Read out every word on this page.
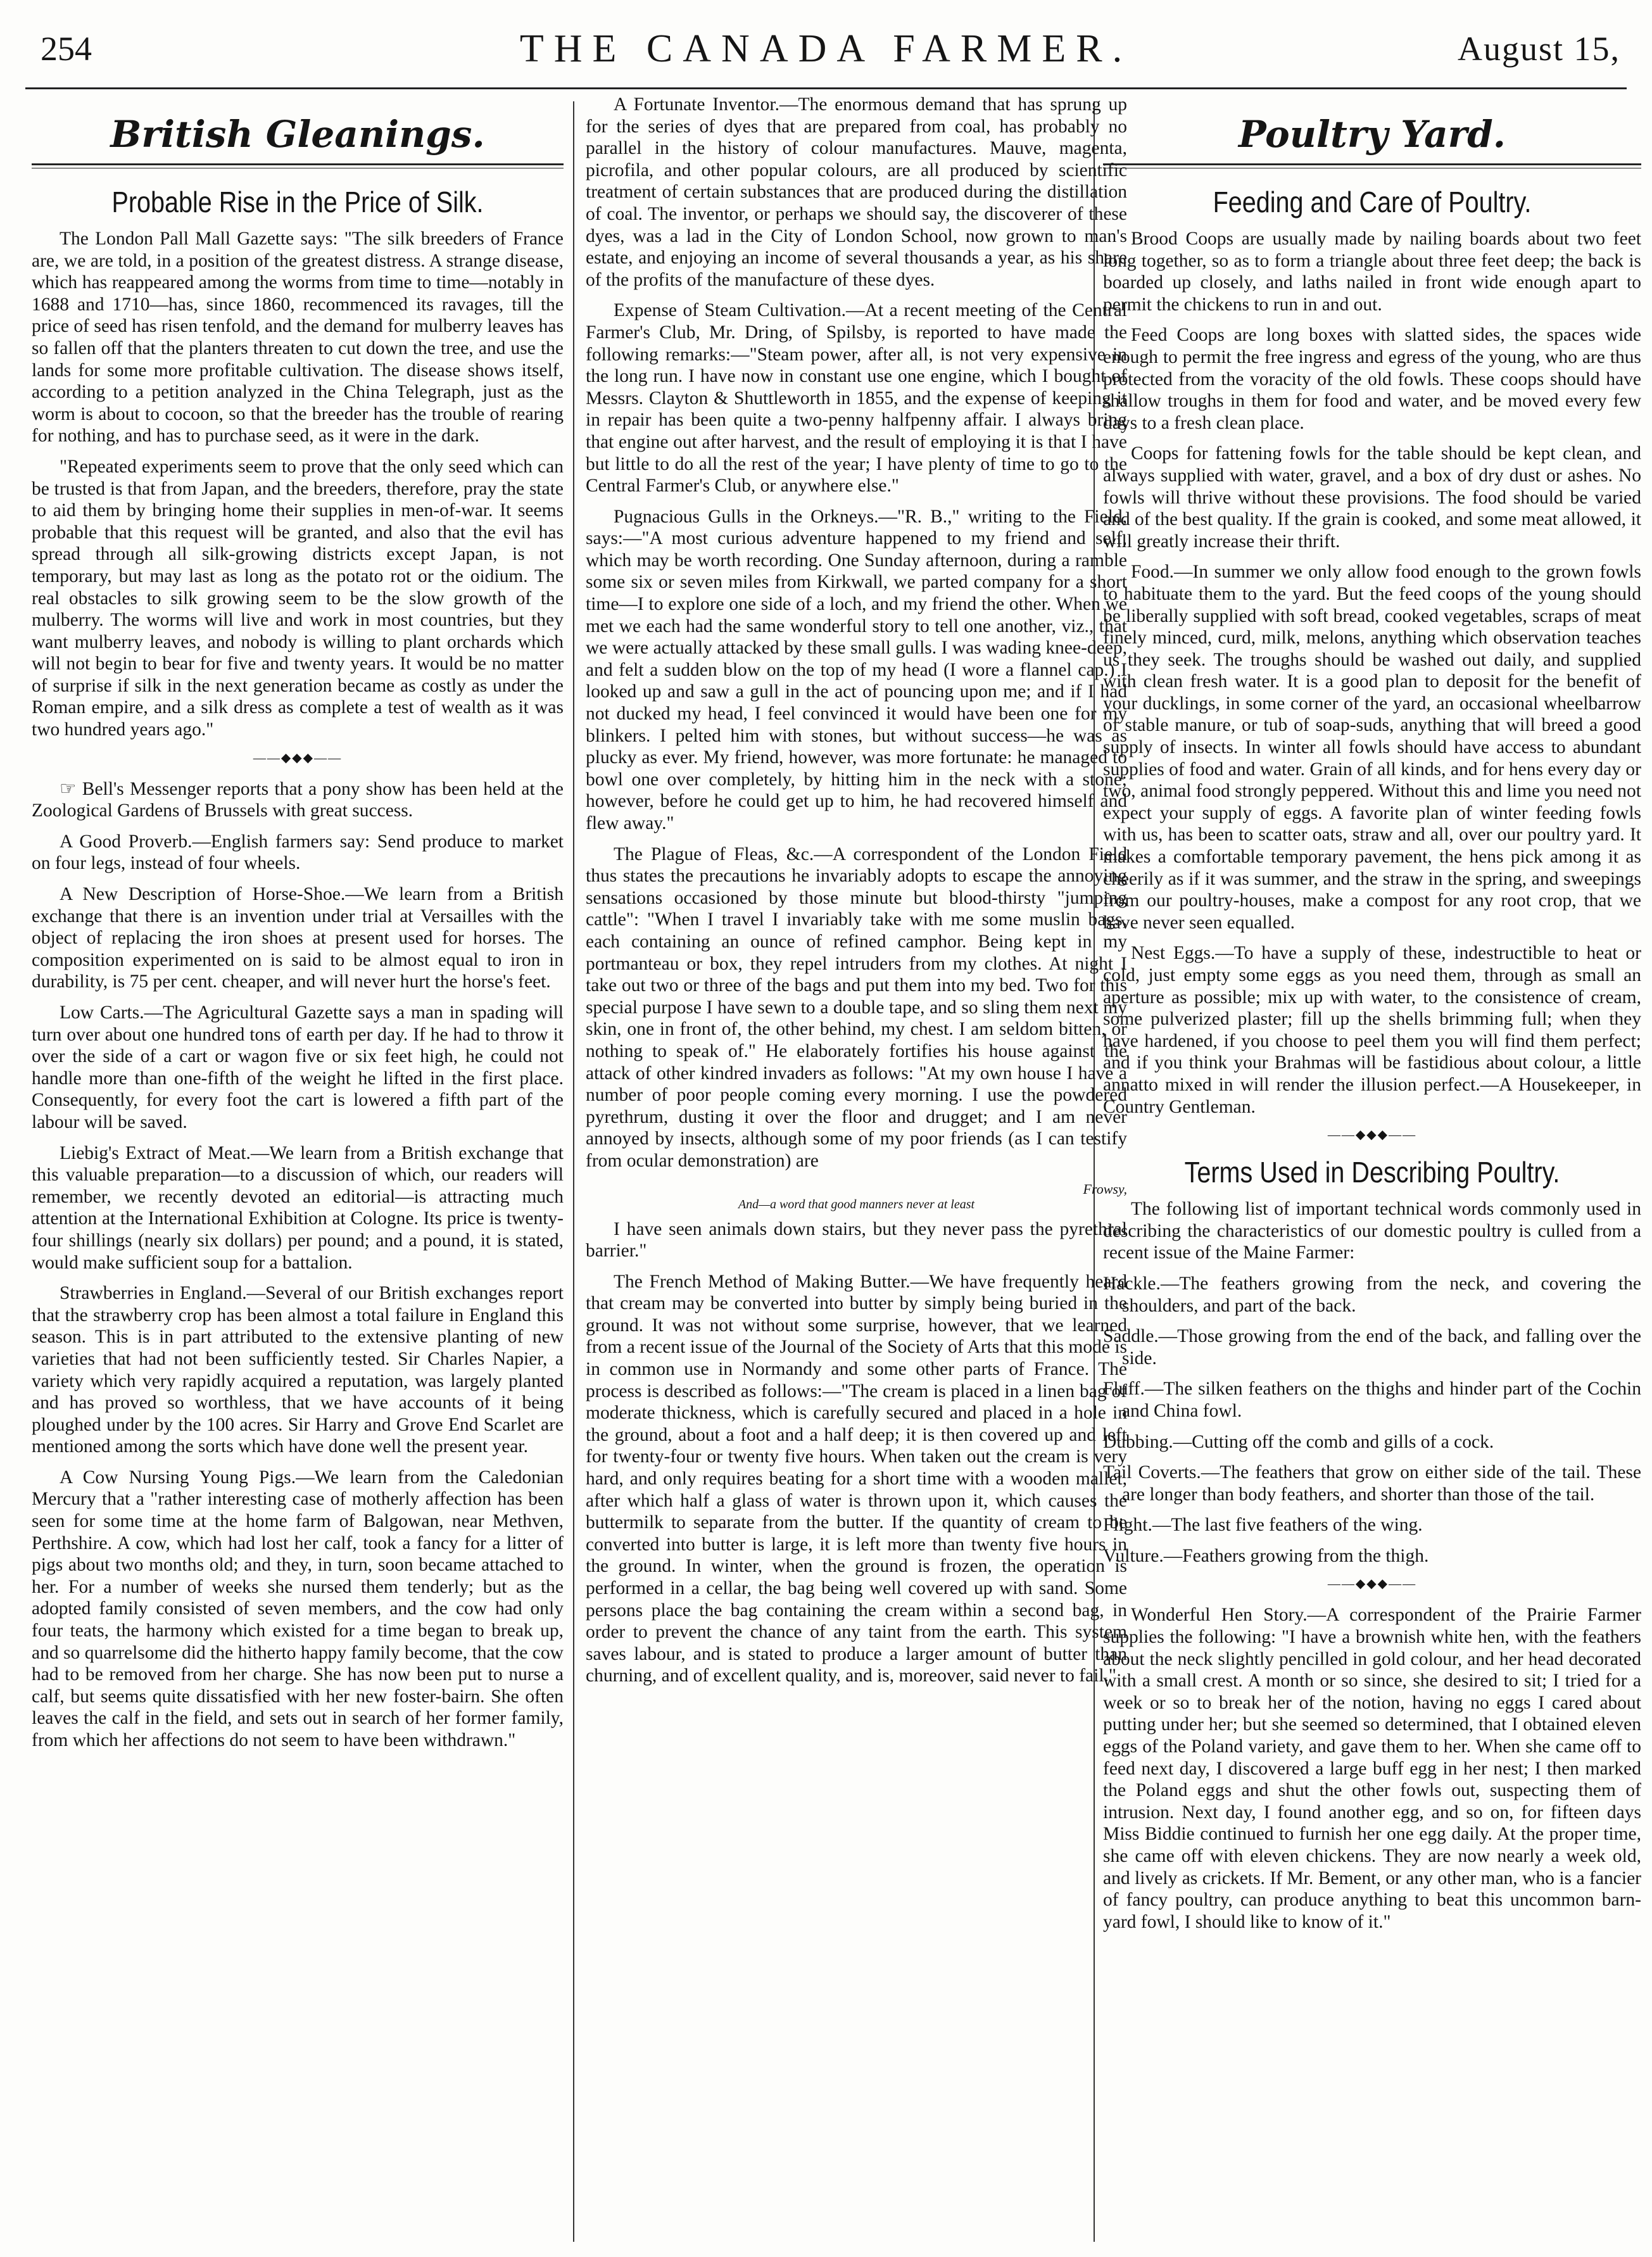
254	THE CANADA FARMER.	August 15,
British Gleanings.
Probable Rise in the Price of Silk.

The London Pall Mall Gazette says: "The silk breeders of France are, we are told, in a position of the greatest distress. A strange disease, which has reappeared among the worms from time to time—notably in 1688 and 1710—has, since 1860, recommenced its ravages, till the price of seed has risen tenfold, and the demand for mulberry leaves has so fallen off that the planters threaten to cut down the tree, and use the lands for some more profitable cultivation. The disease shows itself, according to a petition analyzed in the China Telegraph, just as the worm is about to cocoon, so that the breeder has the trouble of rearing for nothing, and has to purchase seed, as it were in the dark.

"Repeated experiments seem to prove that the only seed which can be trusted is that from Japan, and the breeders, therefore, pray the state to aid them by bringing home their supplies in men-of-war. It seems probable that this request will be granted, and also that the evil has spread through all silk-growing districts except Japan, is not temporary, but may last as long as the potato rot or the oidium. The real obstacles to silk growing seem to be the slow growth of the mulberry. The worms will live and work in most countries, but they want mulberry leaves, and nobody is willing to plant orchards which will not begin to bear for five and twenty years. It would be no matter of surprise if silk in the next generation became as costly as under the Roman empire, and a silk dress as complete a test of wealth as it was two hundred years ago."

——◆◆◆——

☞ Bell's Messenger reports that a pony show has been held at the Zoological Gardens of Brussels with great success.

A Good Proverb.—English farmers say: Send produce to market on four legs, instead of four wheels.

A New Description of Horse-Shoe.—We learn from a British exchange that there is an invention under trial at Versailles with the object of replacing the iron shoes at present used for horses. The composition experimented on is said to be almost equal to iron in durability, is 75 per cent. cheaper, and will never hurt the horse's feet.

Low Carts.—The Agricultural Gazette says a man in spading will turn over about one hundred tons of earth per day. If he had to throw it over the side of a cart or wagon five or six feet high, he could not handle more than one-fifth of the weight he lifted in the first place. Consequently, for every foot the cart is lowered a fifth part of the labour will be saved.

Liebig's Extract of Meat.—We learn from a British exchange that this valuable preparation—to a discussion of which, our readers will remember, we recently devoted an editorial—is attracting much attention at the International Exhibition at Cologne. Its price is twenty-four shillings (nearly six dollars) per pound; and a pound, it is stated, would make sufficient soup for a battalion.

Strawberries in England.—Several of our British exchanges report that the strawberry crop has been almost a total failure in England this season. This is in part attributed to the extensive planting of new varieties that had not been sufficiently tested. Sir Charles Napier, a variety which very rapidly acquired a reputation, was largely planted and has proved so worthless, that we have accounts of it being ploughed under by the 100 acres. Sir Harry and Grove End Scarlet are mentioned among the sorts which have done well the present year.

A Cow Nursing Young Pigs.—We learn from the Caledonian Mercury that a "rather interesting case of motherly affection has been seen for some time at the home farm of Balgowan, near Methven, Perthshire. A cow, which had lost her calf, took a fancy for a litter of pigs about two months old; and they, in turn, soon became attached to her. For a number of weeks she nursed them tenderly; but as the adopted family consisted of seven members, and the cow had only four teats, the harmony which existed for a time began to break up, and so quarrelsome did the hitherto happy family become, that the cow had to be removed from her charge. She has now been put to nurse a calf, but seems quite dissatisfied with her new foster-bairn. She often leaves the calf in the field, and sets out in search of her former family, from which her affections do not seem to have been withdrawn."

A Fortunate Inventor.—The enormous demand that has sprung up for the series of dyes that are prepared from coal, has probably no parallel in the history of colour manufactures. Mauve, magenta, picrofila, and other popular colours, are all produced by scientific treatment of certain substances that are produced during the distillation of coal. The inventor, or perhaps we should say, the discoverer of these dyes, was a lad in the City of London School, now grown to man's estate, and enjoying an income of several thousands a year, as his share of the profits of the manufacture of these dyes.

Expense of Steam Cultivation.—At a recent meeting of the Central Farmer's Club, Mr. Dring, of Spilsby, is reported to have made the following remarks:—"Steam power, after all, is not very expensive in the long run. I have now in constant use one engine, which I bought of Messrs. Clayton & Shuttleworth in 1855, and the expense of keeping it in repair has been quite a two-penny halfpenny affair. I always bring that engine out after harvest, and the result of employing it is that I have but little to do all the rest of the year; I have plenty of time to go to the Central Farmer's Club, or anywhere else."

Pugnacious Gulls in the Orkneys.—"R. B.," writing to the Field, says:—"A most curious adventure happened to my friend and self, which may be worth recording. One Sunday afternoon, during a ramble some six or seven miles from Kirkwall, we parted company for a short time—I to explore one side of a loch, and my friend the other. When we met we each had the same wonderful story to tell one another, viz., that we were actually attacked by these small gulls. I was wading knee-deep, and felt a sudden blow on the top of my head (I wore a flannel cap.) I looked up and saw a gull in the act of pouncing upon me; and if I had not ducked my head, I feel convinced it would have been one for my blinkers. I pelted him with stones, but without success—he was as plucky as ever. My friend, however, was more fortunate: he managed to bowl one over completely, by hitting him in the neck with a stone; however, before he could get up to him, he had recovered himself and flew away."

The Plague of Fleas, &c.—A correspondent of the London Field thus states the precautions he invariably adopts to escape the annoying sensations occasioned by those minute but blood-thirsty "jumping cattle": "When I travel I invariably take with me some muslin bags, each containing an ounce of refined camphor. Being kept in my portmanteau or box, they repel intruders from my clothes. At night I take out two or three of the bags and put them into my bed. Two for this special purpose I have sewn to a double tape, and so sling them next my skin, one in front of, the other behind, my chest. I am seldom bitten, or nothing to speak of." He elaborately fortifies his house against the attack of other kindred invaders as follows: "At my own house I have a number of poor people coming every morning. I use the powdered pyrethrum, dusting it over the floor and drugget; and I am never annoyed by insects, although some of my poor friends (as I can testify from ocular demonstration) are

Frowsy,
And—a word that good manners never at least

I have seen animals down stairs, but they never pass the pyrethral barrier."

The French Method of Making Butter.—We have frequently heard that cream may be converted into butter by simply being buried in the ground. It was not without some surprise, however, that we learned from a recent issue of the Journal of the Society of Arts that this mode is in common use in Normandy and some other parts of France. The process is described as follows:—"The cream is placed in a linen bag of moderate thickness, which is carefully secured and placed in a hole in the ground, about a foot and a half deep; it is then covered up and left for twenty-four or twenty five hours. When taken out the cream is very hard, and only requires beating for a short time with a wooden mallet, after which half a glass of water is thrown upon it, which causes the buttermilk to separate from the butter. If the quantity of cream to be converted into butter is large, it is left more than twenty five hours in the ground. In winter, when the ground is frozen, the operation is performed in a cellar, the bag being well covered up with sand. Some persons place the bag containing the cream within a second bag, in order to prevent the chance of any taint from the earth. This system saves labour, and is stated to produce a larger amount of butter than churning, and of excellent quality, and is, moreover, said never to fail."

Poultry Yard.
Feeding and Care of Poultry.

Brood Coops are usually made by nailing boards about two feet long together, so as to form a triangle about three feet deep; the back is boarded up closely, and laths nailed in front wide enough apart to permit the chickens to run in and out.

Feed Coops are long boxes with slatted sides, the spaces wide enough to permit the free ingress and egress of the young, who are thus protected from the voracity of the old fowls. These coops should have shallow troughs in them for food and water, and be moved every few days to a fresh clean place.

Coops for fattening fowls for the table should be kept clean, and always supplied with water, gravel, and a box of dry dust or ashes. No fowls will thrive without these provisions. The food should be varied and of the best quality. If the grain is cooked, and some meat allowed, it will greatly increase their thrift.

Food.—In summer we only allow food enough to the grown fowls to habituate them to the yard. But the feed coops of the young should be liberally supplied with soft bread, cooked vegetables, scraps of meat finely minced, curd, milk, melons, anything which observation teaches us they seek. The troughs should be washed out daily, and supplied with clean fresh water. It is a good plan to deposit for the benefit of your ducklings, in some corner of the yard, an occasional wheelbarrow of stable manure, or tub of soap-suds, anything that will breed a good supply of insects. In winter all fowls should have access to abundant supplies of food and water. Grain of all kinds, and for hens every day or two, animal food strongly peppered. Without this and lime you need not expect your supply of eggs. A favorite plan of winter feeding fowls with us, has been to scatter oats, straw and all, over our poultry yard. It makes a comfortable temporary pavement, the hens pick among it as cheerily as if it was summer, and the straw in the spring, and sweepings from our poultry-houses, make a compost for any root crop, that we have never seen equalled.

Nest Eggs.—To have a supply of these, indestructible to heat or cold, just empty some eggs as you need them, through as small an aperture as possible; mix up with water, to the consistence of cream, some pulverized plaster; fill up the shells brimming full; when they have hardened, if you choose to peel them you will find them perfect; and if you think your Brahmas will be fastidious about colour, a little annatto mixed in will render the illusion perfect.—A Housekeeper, in Country Gentleman.

——◆◆◆——
Terms Used in Describing Poultry.

The following list of important technical words commonly used in describing the characteristics of our domestic poultry is culled from a recent issue of the Maine Farmer:

Hackle.—The feathers growing from the neck, and covering the shoulders, and part of the back.

Saddle.—Those growing from the end of the back, and falling over the side.

Fluff.—The silken feathers on the thighs and hinder part of the Cochin and China fowl.

Dubbing.—Cutting off the comb and gills of a cock.

Tail Coverts.—The feathers that grow on either side of the tail. These are longer than body feathers, and shorter than those of the tail.

Flight.—The last five feathers of the wing.

Vulture.—Feathers growing from the thigh.

——◆◆◆——

Wonderful Hen Story.—A correspondent of the Prairie Farmer supplies the following: "I have a brownish white hen, with the feathers about the neck slightly pencilled in gold colour, and her head decorated with a small crest. A month or so since, she desired to sit; I tried for a week or so to break her of the notion, having no eggs I cared about putting under her; but she seemed so determined, that I obtained eleven eggs of the Poland variety, and gave them to her. When she came off to feed next day, I discovered a large buff egg in her nest; I then marked the Poland eggs and shut the other fowls out, suspecting them of intrusion. Next day, I found another egg, and so on, for fifteen days Miss Biddie continued to furnish her one egg daily. At the proper time, she came off with eleven chickens. They are now nearly a week old, and lively as crickets. If Mr. Bement, or any other man, who is a fancier of fancy poultry, can produce anything to beat this uncommon barn-yard fowl, I should like to know of it."
